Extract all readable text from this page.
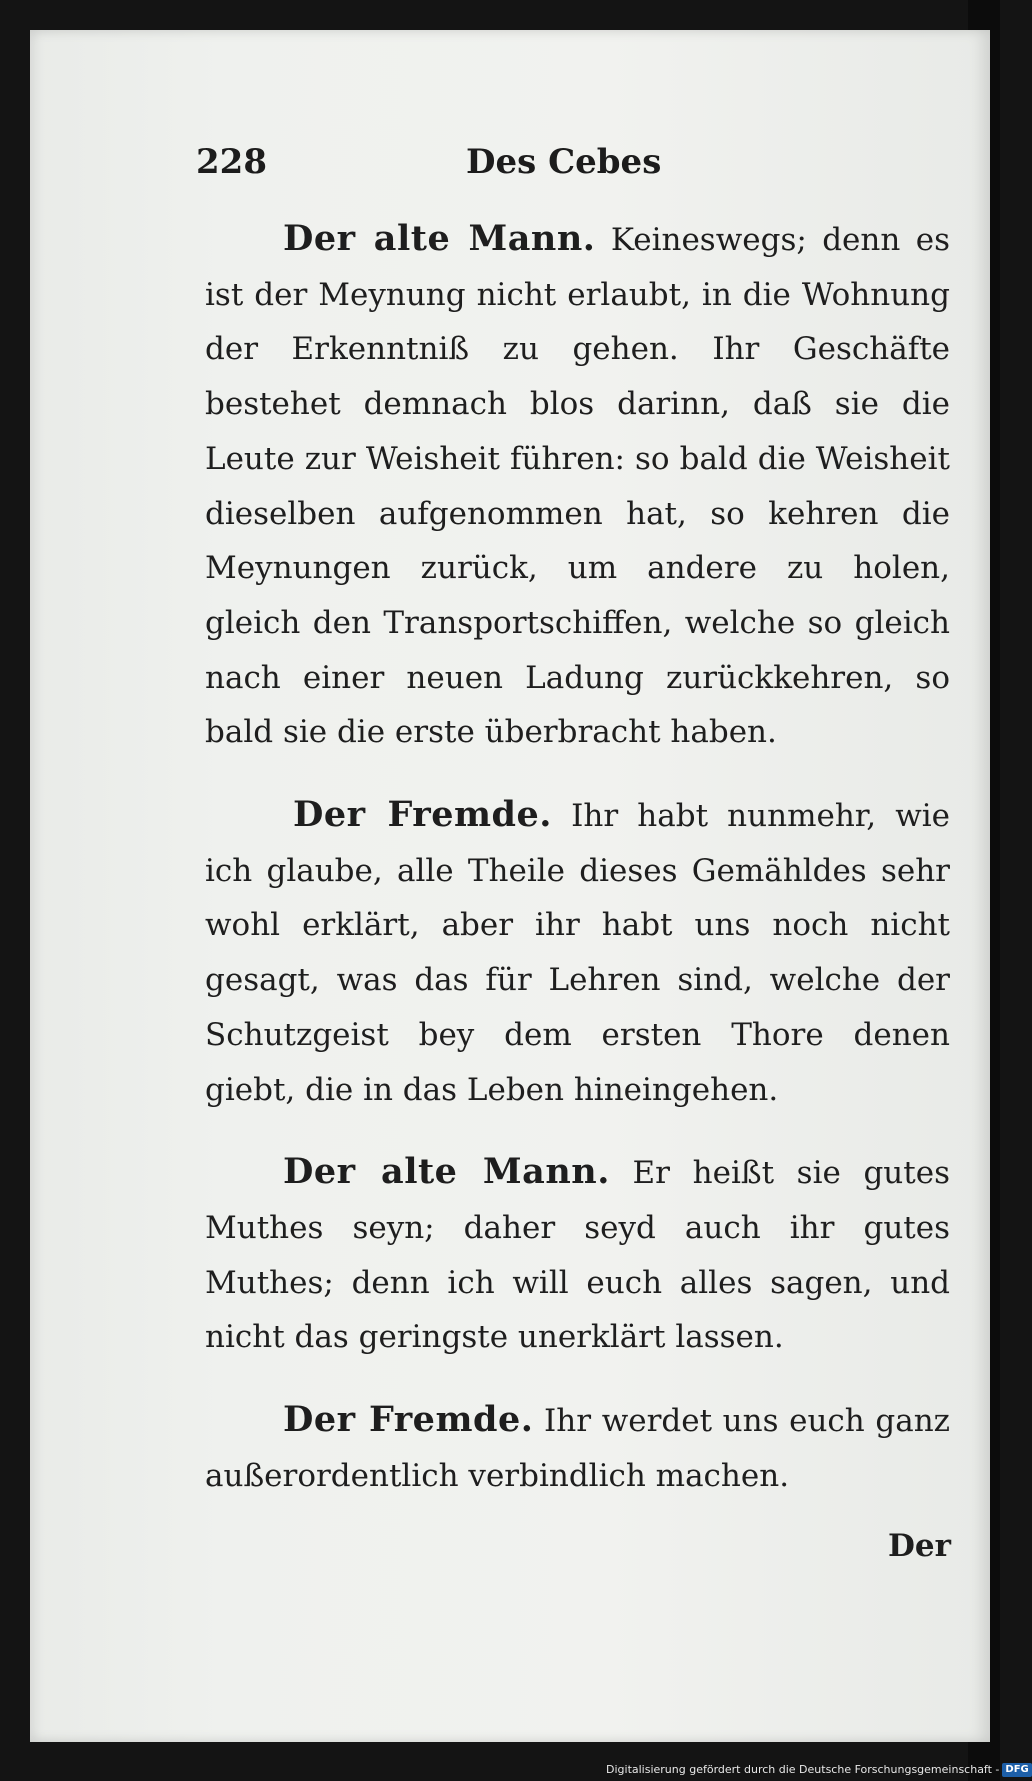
228	Des Cebes

Der alte Mann. Keineswegs; denn es ist der Meynung nicht erlaubt, in die Wohnung der Erkenntniß zu gehen. Ihr Geschäfte bestehet demnach blos darinn, daß sie die Leute zur Weisheit führen: so bald die Weisheit dieselben aufgenommen hat, so kehren die Meynungen zurück, um andere zu holen, gleich den Transportschiffen, welche so gleich nach einer neuen Ladung zurückkehren, so bald sie die erste überbracht haben.

Der Fremde. Ihr habt nunmehr, wie ich glaube, alle Theile dieses Gemähldes sehr wohl erklärt, aber ihr habt uns noch nicht gesagt, was das für Lehren sind, welche der Schutzgeist bey dem ersten Thore denen giebt, die in das Leben hineingehen.

Der alte Mann. Er heißt sie gutes Muthes seyn; daher seyd auch ihr gutes Muthes; denn ich will euch alles sagen, und nicht das geringste unerklärt lassen.

Der Fremde. Ihr werdet uns euch ganz außerordentlich verbindlich machen.

Der
Digitalisierung gefördert durch die Deutsche Forschungsgemeinschaft - DFG
